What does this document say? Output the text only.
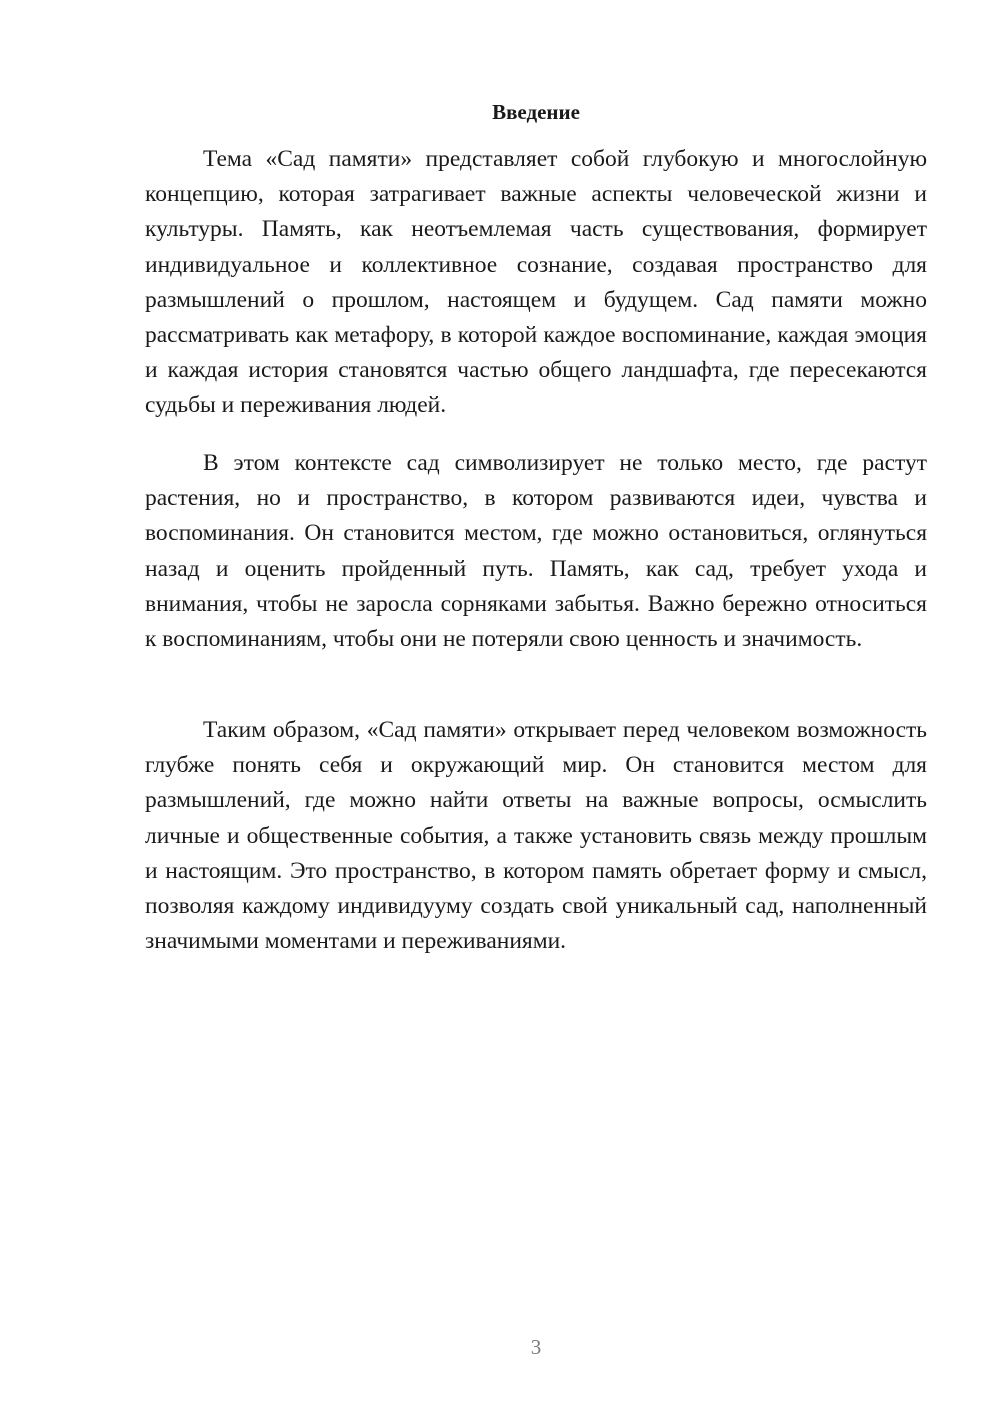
Введение

Тема «Сад памяти» представляет собой глубокую и многослойную концепцию, которая затрагивает важные аспекты человеческой жизни и культуры. Память, как неотъемлемая часть существования, формирует индивидуальное и коллективное сознание, создавая пространство для размышлений о прошлом, настоящем и будущем. Сад памяти можно рассматривать как метафору, в которой каждое воспоминание, каждая эмоция и каждая история становятся частью общего ландшафта, где пересекаются судьбы и переживания людей.

В этом контексте сад символизирует не только место, где растут растения, но и пространство, в котором развиваются идеи, чувства и воспоминания. Он становится местом, где можно остановиться, оглянуться назад и оценить пройденный путь. Память, как сад, требует ухода и внимания, чтобы не заросла сорняками забытья. Важно бережно относиться к воспоминаниям, чтобы они не потеряли свою ценность и значимость.

Таким образом, «Сад памяти» открывает перед человеком возможность глубже понять себя и окружающий мир. Он становится местом для размышлений, где можно найти ответы на важные вопросы, осмыслить личные и общественные события, а также установить связь между прошлым и настоящим. Это пространство, в котором память обретает форму и смысл, позволяя каждому индивидууму создать свой уникальный сад, наполненный значимыми моментами и переживаниями.

3
